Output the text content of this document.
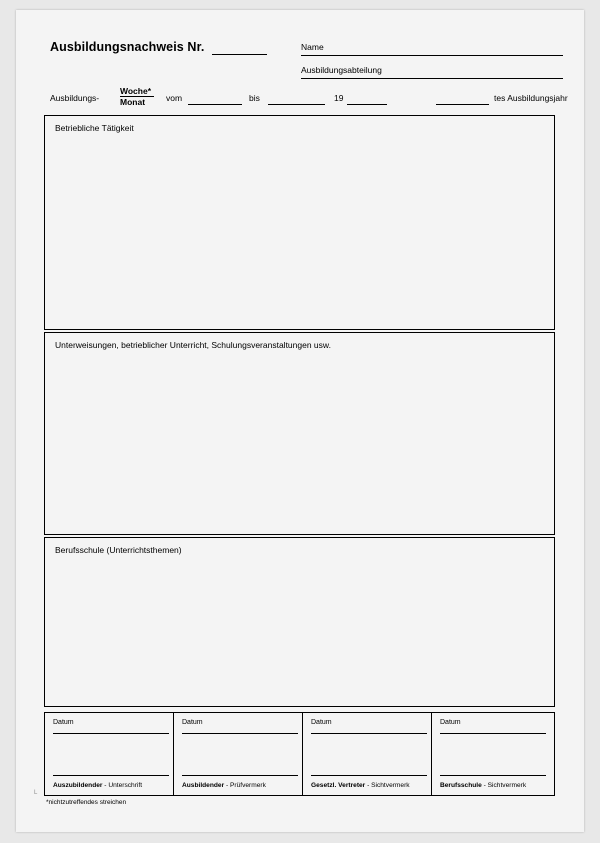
Ausbildungsnachweis Nr.	Name
Ausbildungsabteilung
Ausbildungs-
Woche*
Monat	vom	bis	19	tes Ausbildungsjahr
Betriebliche Tätigkeit
Unterweisungen, betrieblicher Unterricht, Schulungsveranstaltungen usw.
Berufsschule (Unterrichtsthemen)
Datum
Auszubildender - Unterschrift
Datum
Ausbildender - Prüfvermerk
Datum
Gesetzl. Vertreter - Sichtvermerk
Datum
Berufsschule - Sichtvermerk
L
*nichtzutreffendes streichen
